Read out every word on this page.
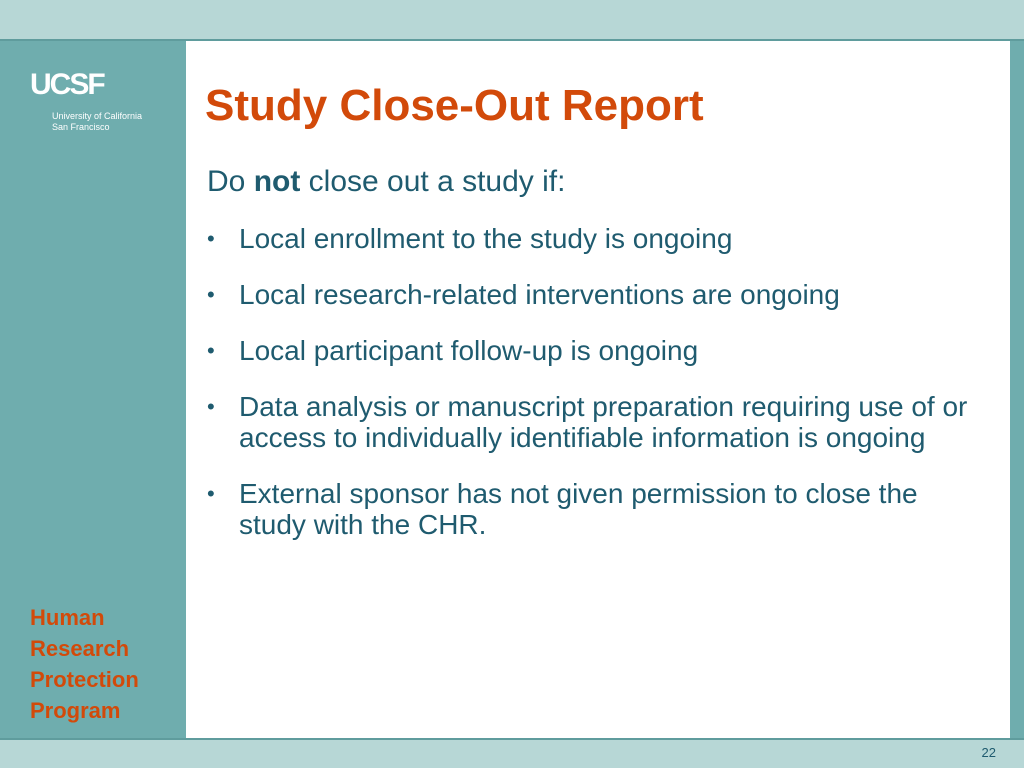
UCSF
University of California
San Francisco
Human
Research
Protection
Program
Study Close-Out Report
Do not close out a study if:
• Local enrollment to the study is ongoing
• Local research-related interventions are ongoing
• Local participant follow-up is ongoing
• Data analysis or manuscript preparation requiring use of or access to individually identifiable information is ongoing
• External sponsor has not given permission to close the study with the CHR.
22
